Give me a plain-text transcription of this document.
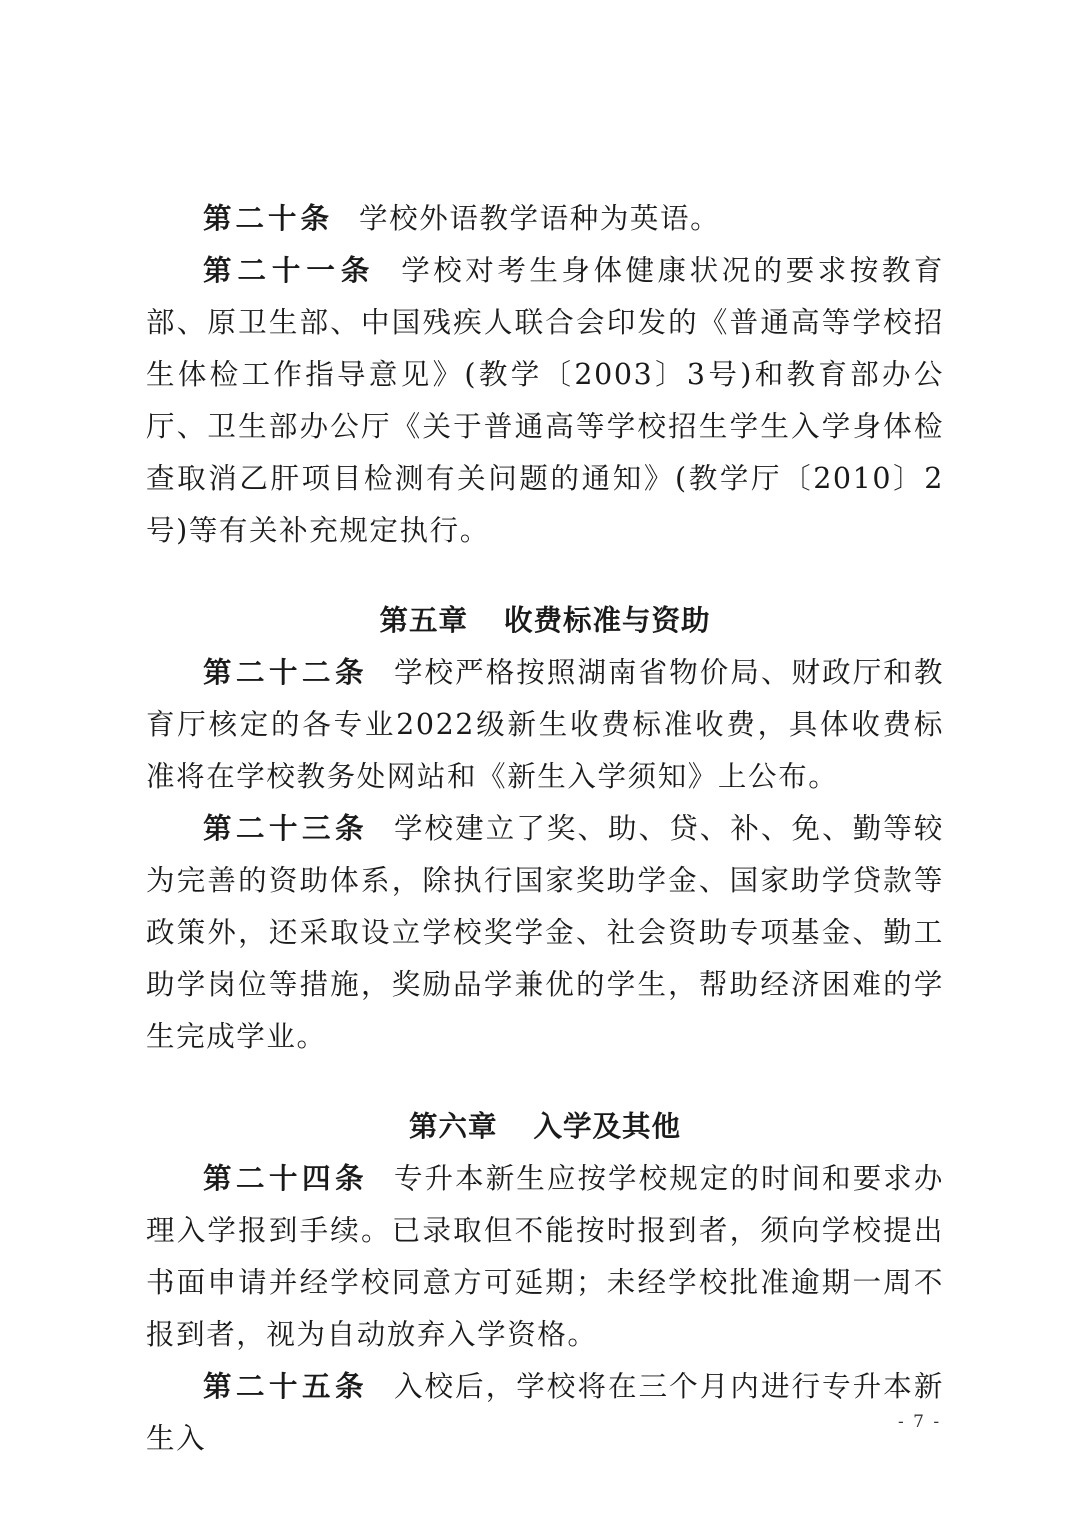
第二十条 学校外语教学语种为英语。

第二十一条 学校对考生身体健康状况的要求按教育部、原卫生部、中国残疾人联合会印发的《普通高等学校招生体检工作指导意见》(教学〔2003〕3号)和教育部办公厅、卫生部办公厅《关于普通高等学校招生学生入学身体检查取消乙肝项目检测有关问题的通知》(教学厅〔2010〕2号)等有关补充规定执行。

第五章 收费标准与资助

第二十二条 学校严格按照湖南省物价局、财政厅和教育厅核定的各专业2022级新生收费标准收费，具体收费标准将在学校教务处网站和《新生入学须知》上公布。

第二十三条 学校建立了奖、助、贷、补、免、勤等较为完善的资助体系，除执行国家奖助学金、国家助学贷款等政策外，还采取设立学校奖学金、社会资助专项基金、勤工助学岗位等措施，奖励品学兼优的学生，帮助经济困难的学生完成学业。

第六章 入学及其他

第二十四条 专升本新生应按学校规定的时间和要求办理入学报到手续。已录取但不能按时报到者，须向学校提出书面申请并经学校同意方可延期；未经学校批准逾期一周不报到者，视为自动放弃入学资格。

第二十五条 入校后，学校将在三个月内进行专升本新生入	- 7 -
